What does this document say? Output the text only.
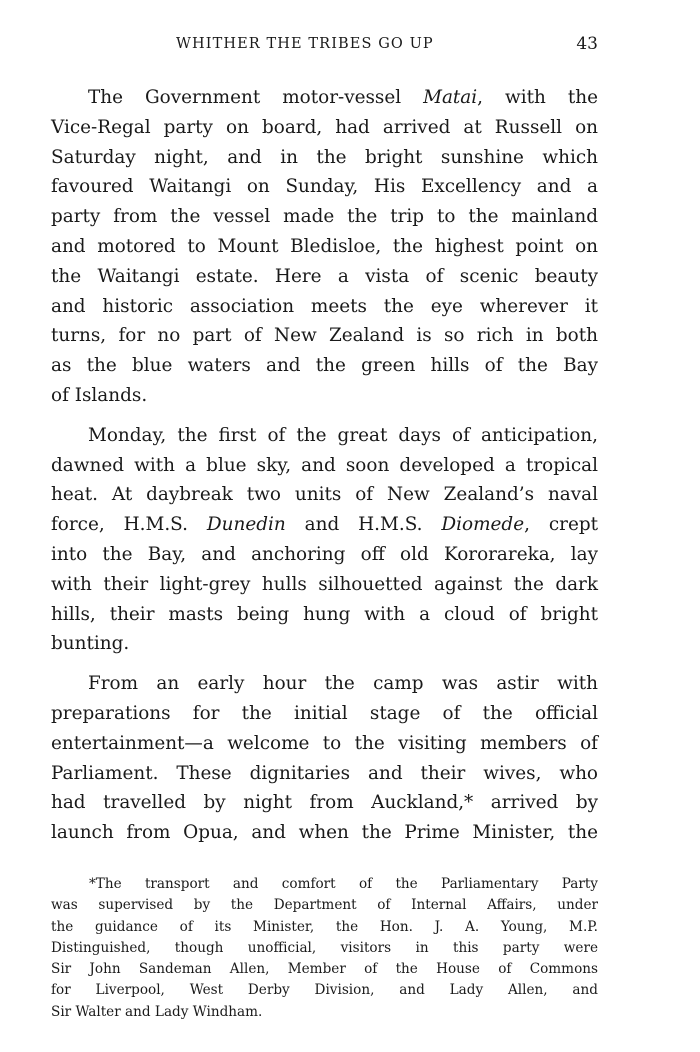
WHITHER THE TRIBES GO UP	43
The Government motor-vessel Matai, with the
Vice-Regal party on board, had arrived at Russell on
Saturday night, and in the bright sunshine which
favoured Waitangi on Sunday, His Excellency and a
party from the vessel made the trip to the mainland
and motored to Mount Bledisloe, the highest point on
the Waitangi estate. Here a vista of scenic beauty
and historic association meets the eye wherever it
turns, for no part of New Zealand is so rich in both
as the blue waters and the green hills of the Bay
of Islands.
Monday, the first of the great days of anticipation,
dawned with a blue sky, and soon developed a tropical
heat. At daybreak two units of New Zealand’s naval
force, H.M.S. Dunedin and H.M.S. Diomede, crept
into the Bay, and anchoring off old Kororareka, lay
with their light-grey hulls silhouetted against the dark
hills, their masts being hung with a cloud of bright
bunting.
From an early hour the camp was astir with
preparations for the initial stage of the official
entertainment—a welcome to the visiting members of
Parliament. These dignitaries and their wives, who
had travelled by night from Auckland,* arrived by
launch from Opua, and when the Prime Minister, the
*The transport and comfort of the Parliamentary Party
was supervised by the Department of Internal Affairs, under
the guidance of its Minister, the Hon. J. A. Young, M.P.
Distinguished, though unofficial, visitors in this party were
Sir John Sandeman Allen, Member of the House of Commons
for Liverpool, West Derby Division, and Lady Allen, and
Sir Walter and Lady Windham.
